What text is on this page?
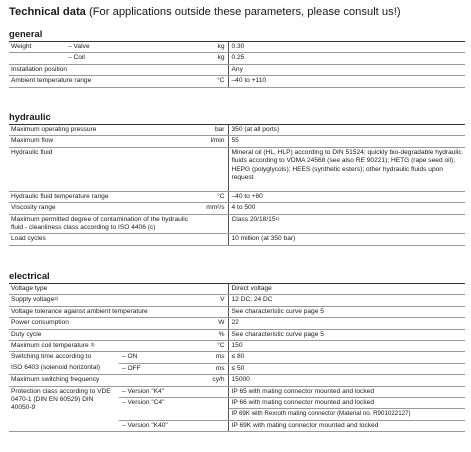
Technical data (For applications outside these parameters, please consult us!)
general
Weight	– Valve	kg	0.30
	– Coil	kg	0.25
Installation position			Any
Ambient temperature range		°C	–40 to +110
hydraulic
Maximum operating pressure	bar	350 (at all ports)
Maximum flow	l/min	55
Hydraulic fluid		Mineral oil (HL, HLP) according to DIN 51524; quickly bio-degradable hydraulic fluids according to VDMA 24568 (see also RE 90221); HETG (rape seed oil); HEPG (polyglycols); HEES (synthetic esters); other hydraulic fluids upon request
Hydraulic fluid temperature range	°C	–40 to +80
Viscosity range	mm²/s	4 to 500
Maximum permitted degree of contamination of the hydraulic fluid - cleanliness class according to ISO 4406 (c)		Class 20/18/15$^{1)}$
Load cycles		10 million (at 350 bar)
electrical
Voltage type			Direct voltage
Supply voltage$^{2)}$		V	12 DC; 24 DC
Voltage tolerance against ambient temperature			See characteristic curve page 5
Power consumption		W	22
Duty cycle		%	See characteristic curve page 5
Maximum coil temperature $^{3)}$		°C	150
Switching time according to	– ON	ms	≤ 80
ISO 6403 (solenoid horizontal)	– OFF	ms	≤ 50
Maximum switching frequency		cy/h	15000
Protection class according to VDE 0470-1 (DIN EN 60529) DIN 40050-9	– Version "K4"		IP 65 with mating connector mounted and locked
	– Version "C4"		IP 66 with mating connector mounted and locked
			IP 69K with Rexroth mating connector (Material no. R901022127)
	– Version "K40"		IP 69K with mating connector mounted and locked
